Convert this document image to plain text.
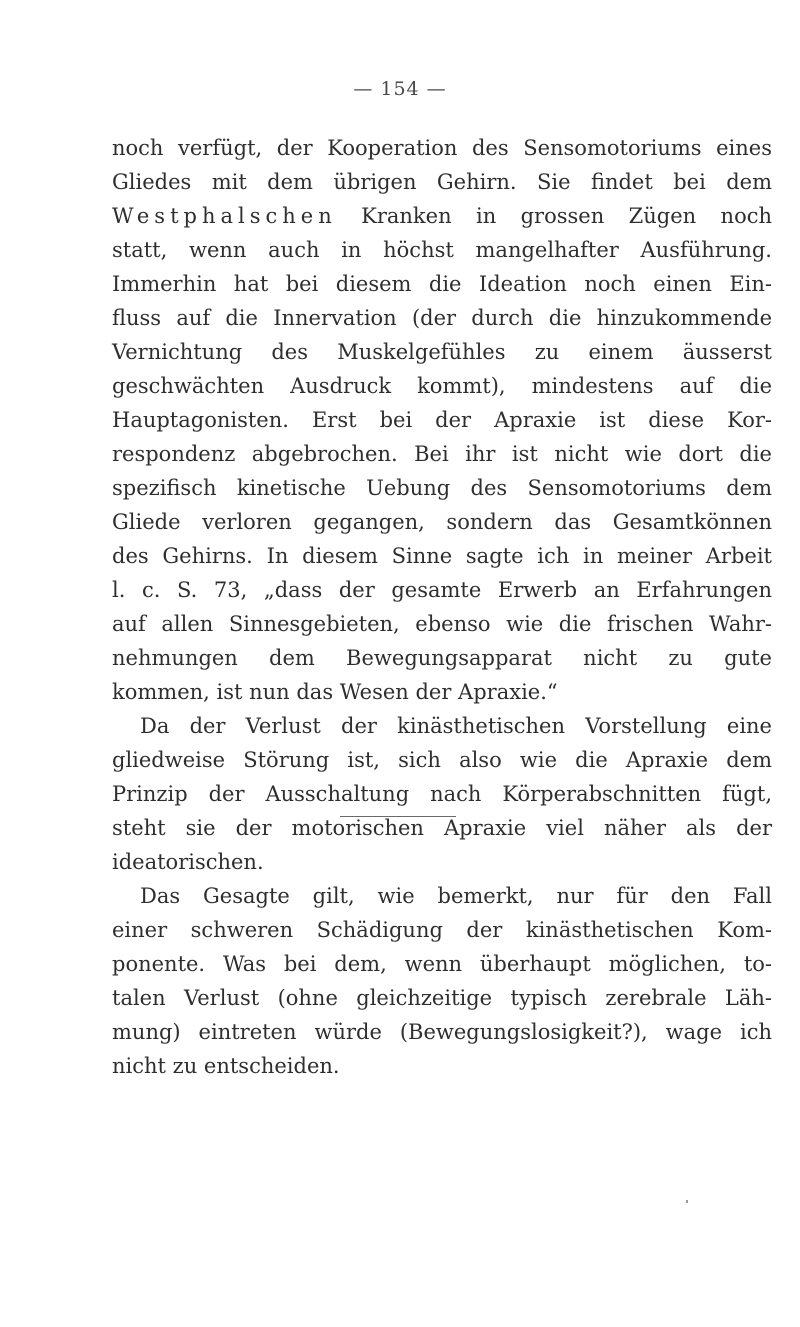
— 154 —
noch verfügt, der Kooperation des Sensomotoriums eines
Gliedes mit dem übrigen Gehirn. Sie findet bei dem
Westphalschen Kranken in grossen Zügen noch
statt, wenn auch in höchst mangelhafter Ausführung.
Immerhin hat bei diesem die Ideation noch einen Ein-
fluss auf die Innervation (der durch die hinzukommende
Vernichtung des Muskelgefühles zu einem äusserst
geschwächten Ausdruck kommt), mindestens auf die
Hauptagonisten. Erst bei der Apraxie ist diese Kor-
respondenz abgebrochen. Bei ihr ist nicht wie dort die
spezifisch kinetische Uebung des Sensomotoriums dem
Gliede verloren gegangen, sondern das Gesamtkönnen
des Gehirns. In diesem Sinne sagte ich in meiner Arbeit
l. c. S. 73, „dass der gesamte Erwerb an Erfahrungen
auf allen Sinnesgebieten, ebenso wie die frischen Wahr-
nehmungen dem Bewegungsapparat nicht zu gute
kommen, ist nun das Wesen der Apraxie.“
Da der Verlust der kinästhetischen Vorstellung eine
gliedweise Störung ist, sich also wie die Apraxie dem
Prinzip der Ausschaltung nach Körperabschnitten fügt,
steht sie der motorischen Apraxie viel näher als der
ideatorischen.
Das Gesagte gilt, wie bemerkt, nur für den Fall
einer schweren Schädigung der kinästhetischen Kom-
ponente. Was bei dem, wenn überhaupt möglichen, to-
talen Verlust (ohne gleichzeitige typisch zerebrale Läh-
mung) eintreten würde (Bewegungslosigkeit?), wage ich
nicht zu entscheiden.
